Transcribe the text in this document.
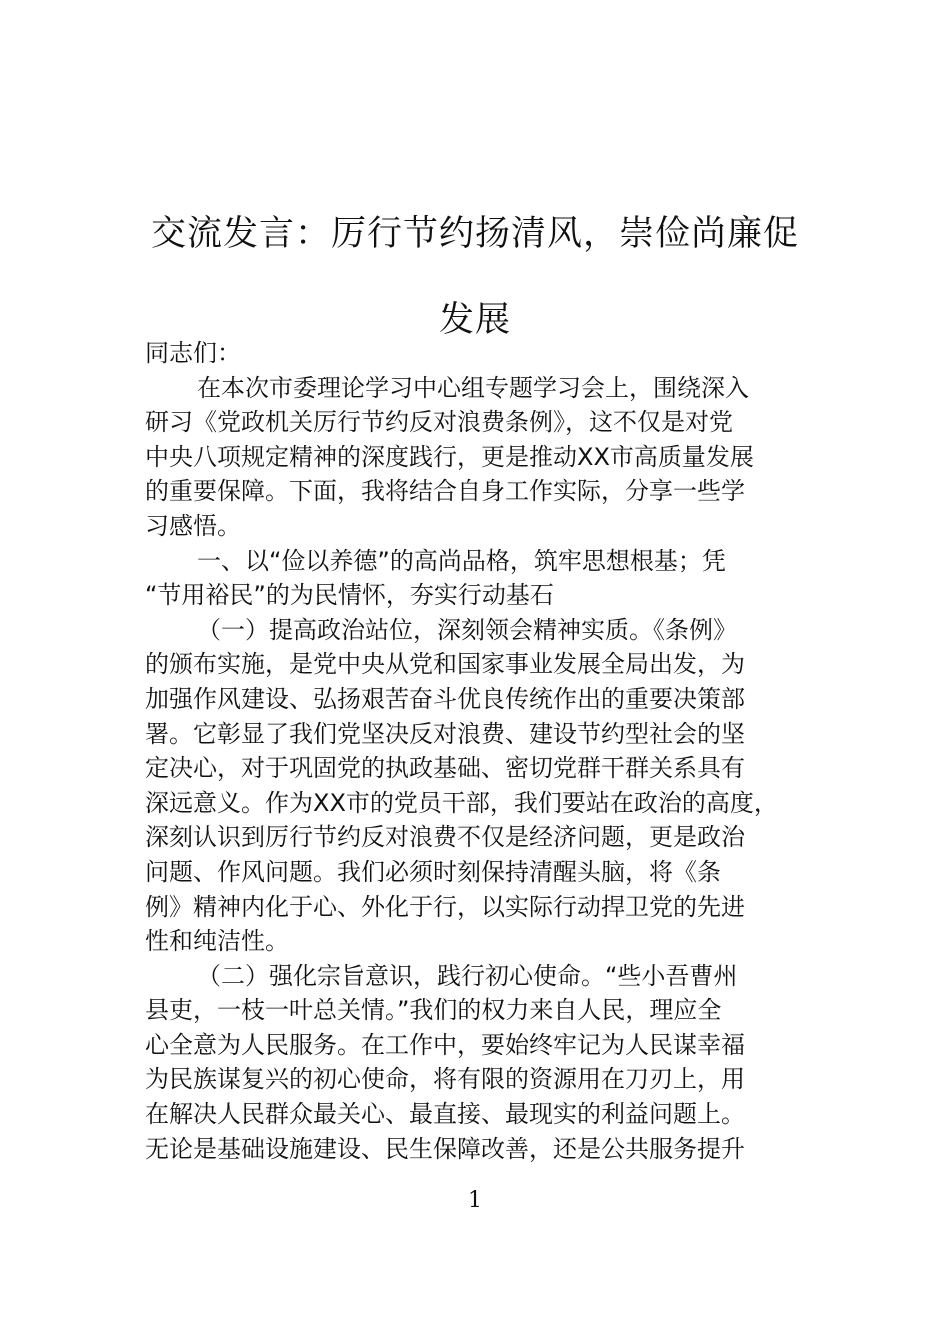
交流发言：厉行节约扬清风，崇俭尚廉促
发展
同志们：
在本次市委理论学习中心组专题学习会上，围绕深入
研习《党政机关厉行节约反对浪费条例》，这不仅是对党
中央八项规定精神的深度践行，更是推动XX市高质量发展
的重要保障。下面，我将结合自身工作实际，分享一些学
习感悟。
一、以“俭以养德”的高尚品格，筑牢思想根基；凭
“节用裕民”的为民情怀，夯实行动基石
（一）提高政治站位，深刻领会精神实质。《条例》
的颁布实施，是党中央从党和国家事业发展全局出发，为
加强作风建设、弘扬艰苦奋斗优良传统作出的重要决策部
署。它彰显了我们党坚决反对浪费、建设节约型社会的坚
定决心，对于巩固党的执政基础、密切党群干群关系具有
深远意义。作为XX市的党员干部，我们要站在政治的高度，
深刻认识到厉行节约反对浪费不仅是经济问题，更是政治
问题、作风问题。我们必须时刻保持清醒头脑，将《条
例》精神内化于心、外化于行，以实际行动捍卫党的先进
性和纯洁性。
（二）强化宗旨意识，践行初心使命。“些小吾曹州
县吏，一枝一叶总关情。”我们的权力来自人民，理应全
心全意为人民服务。在工作中，要始终牢记为人民谋幸福
为民族谋复兴的初心使命，将有限的资源用在刀刃上，用
在解决人民群众最关心、最直接、最现实的利益问题上。
无论是基础设施建设、民生保障改善，还是公共服务提升
1
